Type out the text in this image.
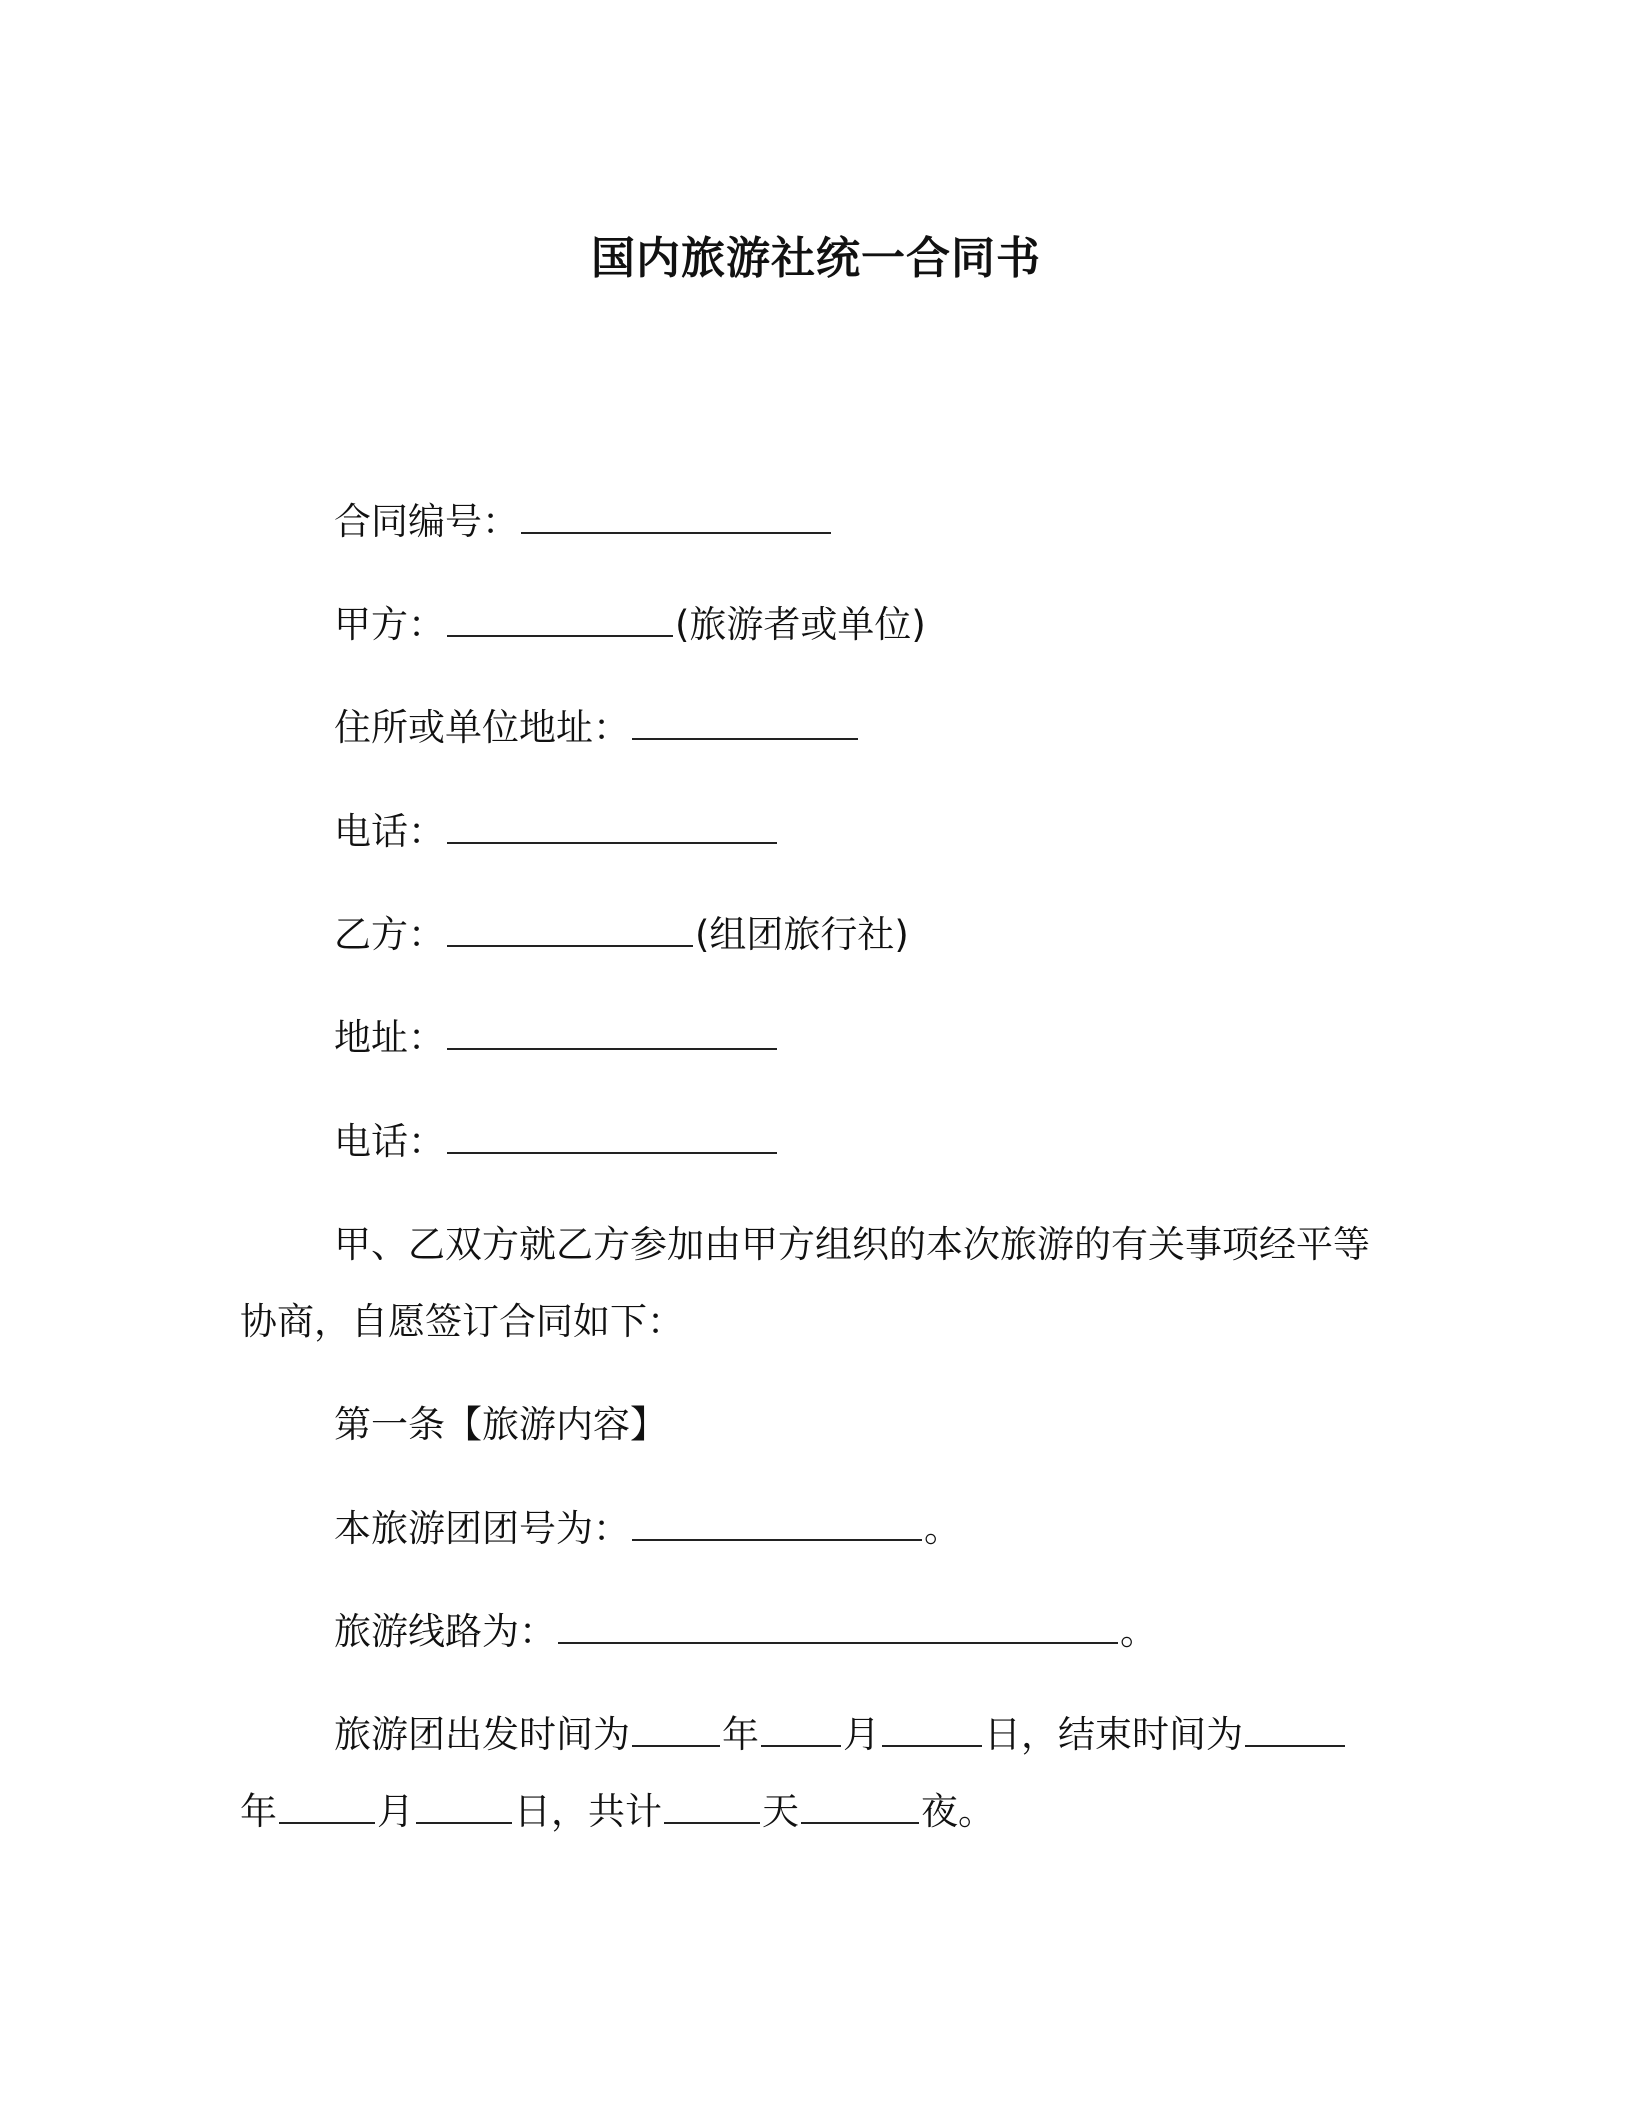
国内旅游社统一合同书
合同编号：
甲方：	(旅游者或单位)
住所或单位地址：
电话：
乙方：	(组团旅行社)
地址：
电话：
甲、乙双方就乙方参加由甲方组织的本次旅游的有关事项经平等
协商，自愿签订合同如下：
第一条【旅游内容】
本旅游团团号为：	。
旅游线路为：	。
旅游团出发时间为 年 月	日，结束时间为
年	月	日，共计	天	夜。
